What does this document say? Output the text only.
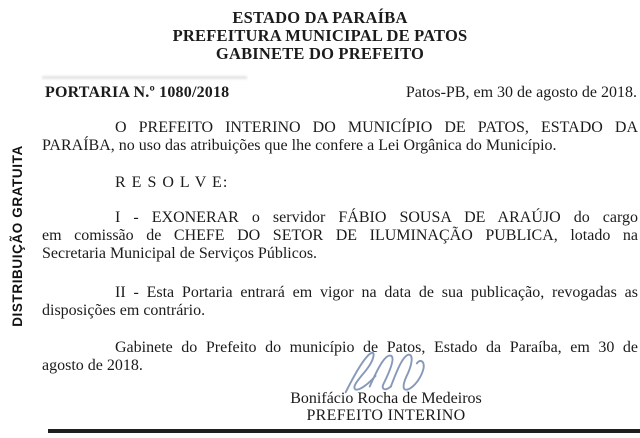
DISTRIBUIÇÃO GRATUITA
ESTADO DA PARAÍBA
PREFEITURA MUNICIPAL DE PATOS
GABINETE DO PREFEITO
PORTARIA N.º 1080/2018	Patos-PB, em 30 de agosto de 2018.
O PREFEITO INTERINO DO MUNICÍPIO DE PATOS, ESTADO DA
PARAÍBA, no uso das atribuições que lhe confere a Lei Orgânica do Município.
R E S O L V E:
I - EXONERAR o servidor FÁBIO SOUSA DE ARAÚJO do cargo
em comissão de CHEFE DO SETOR DE ILUMINAÇÃO PUBLICA, lotado na
Secretaria Municipal de Serviços Públicos.
II - Esta Portaria entrará em vigor na data de sua publicação, revogadas as
disposições em contrário.
Gabinete do Prefeito do município de Patos, Estado da Paraíba, em 30 de
agosto de 2018.
Bonifácio Rocha de Medeiros
PREFEITO INTERINO
